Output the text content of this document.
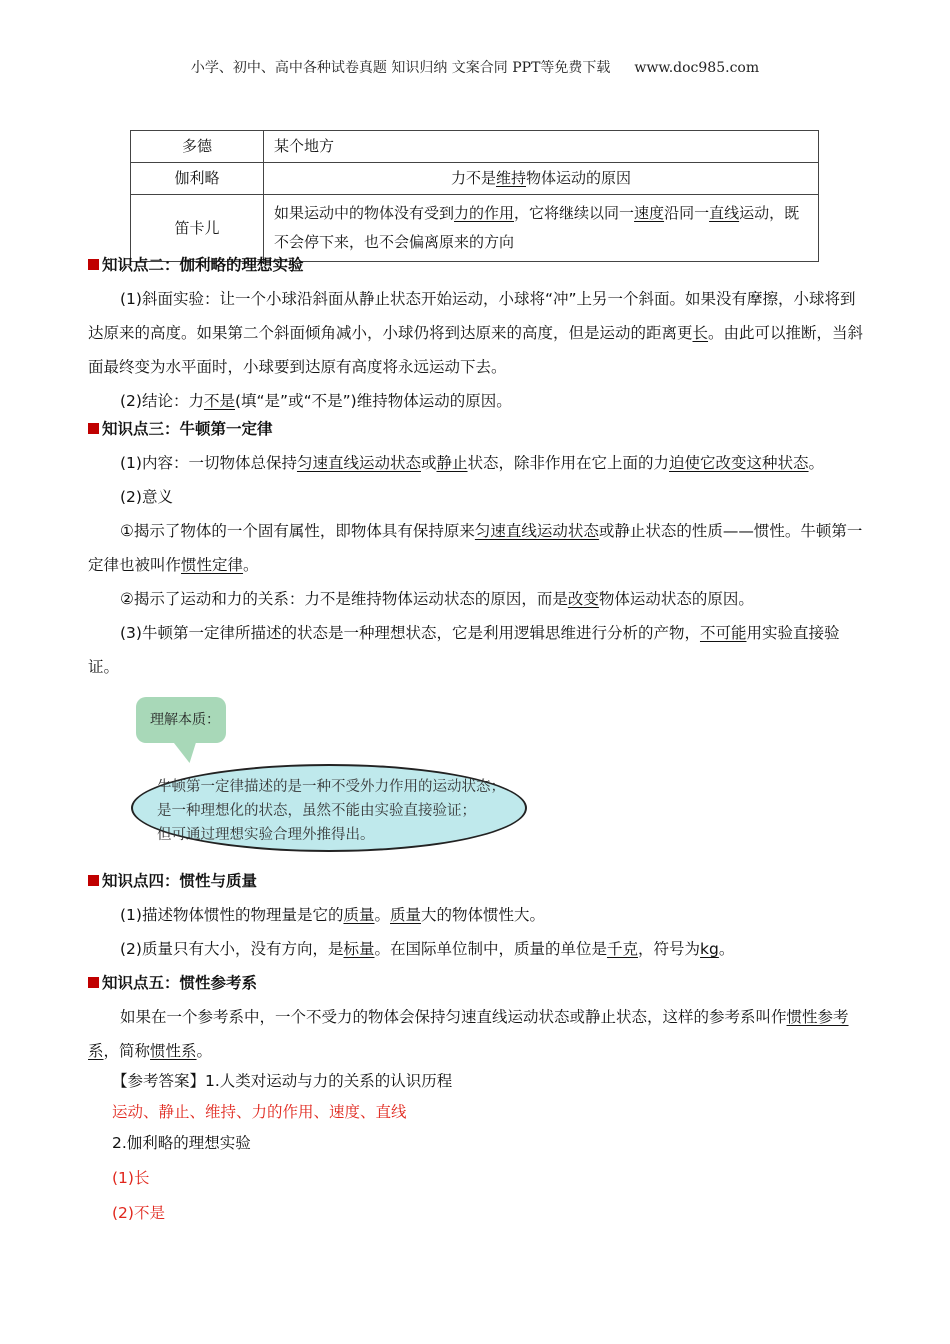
小学、初中、高中各种试卷真题 知识归纳 文案合同 PPT等免费下载 www.doc985.com
多德	某个地方
伽利略	力不是维持物体运动的原因
笛卡儿	如果运动中的物体没有受到力的作用，它将继续以同一速度沿同一直线运动，既不会停下来，也不会偏离原来的方向
知识点二：伽利略的理想实验

(1)斜面实验：让一个小球沿斜面从静止状态开始运动，小球将“冲”上另一个斜面。如果没有摩擦，小球将到达原来的高度。如果第二个斜面倾角减小，小球仍将到达原来的高度，但是运动的距离更长。由此可以推断，当斜面最终变为水平面时，小球要到达原有高度将永远运动下去。

(2)结论：力不是(填“是”或“不是”)维持物体运动的原因。

知识点三：牛顿第一定律

(1)内容：一切物体总保持匀速直线运动状态或静止状态，除非作用在它上面的力迫使它改变这种状态。

(2)意义

①揭示了物体的一个固有属性，即物体具有保持原来匀速直线运动状态或静止状态的性质——惯性。牛顿第一定律也被叫作惯性定律。

②揭示了运动和力的关系：力不是维持物体运动状态的原因，而是改变物体运动状态的原因。

(3)牛顿第一定律所描述的状态是一种理想状态，它是利用逻辑思维进行分析的产物，不可能用实验直接验证。

理解本质：
牛顿第一定律描述的是一种不受外力作用的运动状态；
是一种理想化的状态，虽然不能由实验直接验证；
但可通过理想实验合理外推得出。
知识点四：惯性与质量

(1)描述物体惯性的物理量是它的质量。质量大的物体惯性大。

(2)质量只有大小，没有方向，是标量。在国际单位制中，质量的单位是千克，符号为kg。

知识点五：惯性参考系

如果在一个参考系中，一个不受力的物体会保持匀速直线运动状态或静止状态，这样的参考系叫作惯性参考系，简称惯性系。

【参考答案】1.人类对运动与力的关系的认识历程
运动、静止、维持、力的作用、速度、直线
2.伽利略的理想实验
(1)长
(2)不是
